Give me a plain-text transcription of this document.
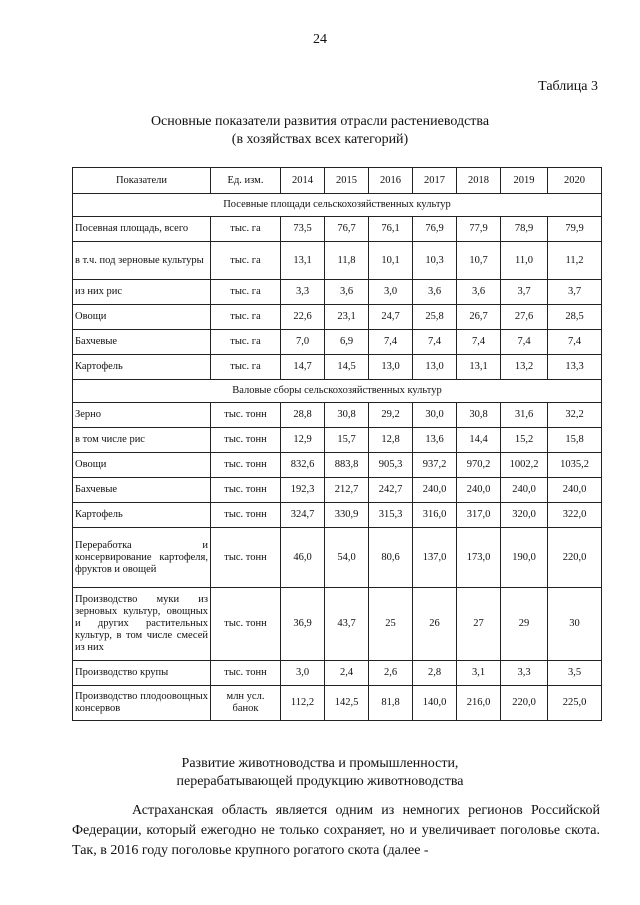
24
Таблица 3
Основные показатели развития отрасли растениеводства
(в хозяйствах всех категорий)
Показатели	Ед. изм.	2014	2015	2016	2017	2018	2019	2020
Посевные площади сельскохозяйственных культур								
Посевная площадь, всего	тыс. га	73,5	76,7	76,1	76,9	77,9	78,9	79,9
в т.ч. под зерновые культуры	тыс. га	13,1	11,8	10,1	10,3	10,7	11,0	11,2
из них рис	тыс. га	3,3	3,6	3,0	3,6	3,6	3,7	3,7
Овощи	тыс. га	22,6	23,1	24,7	25,8	26,7	27,6	28,5
Бахчевые	тыс. га	7,0	6,9	7,4	7,4	7,4	7,4	7,4
Картофель	тыс. га	14,7	14,5	13,0	13,0	13,1	13,2	13,3
Валовые сборы сельскохозяйственных культур								
Зерно	тыс. тонн	28,8	30,8	29,2	30,0	30,8	31,6	32,2
в том числе рис	тыс. тонн	12,9	15,7	12,8	13,6	14,4	15,2	15,8
Овощи	тыс. тонн	832,6	883,8	905,3	937,2	970,2	1002,2	1035,2
Бахчевые	тыс. тонн	192,3	212,7	242,7	240,0	240,0	240,0	240,0
Картофель	тыс. тонн	324,7	330,9	315,3	316,0	317,0	320,0	322,0
Переработка и консервирование картофеля, фруктов и овощей	тыс. тонн	46,0	54,0	80,6	137,0	173,0	190,0	220,0
Производство муки из зерновых культур, овощных и других растительных культур, в том числе смесей из них	тыс. тонн	36,9	43,7	25	26	27	29	30
Производство крупы	тыс. тонн	3,0	2,4	2,6	2,8	3,1	3,3	3,5
Производство плодоовощных консервов	млн усл. банок	112,2	142,5	81,8	140,0	216,0	220,0	225,0
Развитие животноводства и промышленности,
перерабатывающей продукцию животноводства

Астраханская область является одним из немногих регионов Российской Федерации, который ежегодно не только сохраняет, но и увеличивает поголовье скота. Так, в 2016 году поголовье крупного рогатого скота (далее -
